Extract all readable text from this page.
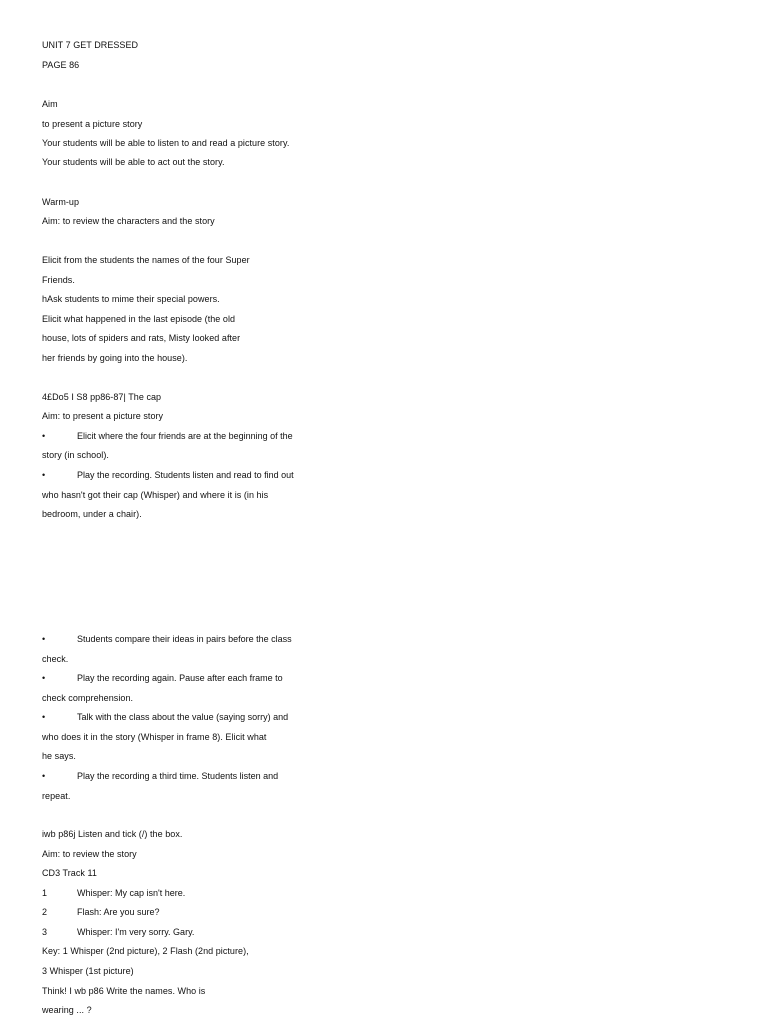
UNIT 7 GET DRESSED
PAGE 86
Aim
to present a picture story
Your students will be able to listen to and read a picture story.
Your students will be able to act out the story.
Warm-up
Aim: to review the characters and the story
Elicit from the students the names of the four Super
Friends.
hAsk students to mime their special powers.
Elicit what happened in the last episode (the old
house, lots of spiders and rats, Misty looked after
her friends by going into the house).
4£Do5 I S8 pp86-87| The cap
Aim: to present a picture story
•	Elicit where the four friends are at the beginning of the
story (in school).
•	Play the recording. Students listen and read to find out
who hasn't got their cap (Whisper) and where it is (in his
bedroom, under a chair).
•	Students compare their ideas in pairs before the class
check.
•	Play the recording again. Pause after each frame to
check comprehension.
•	Talk with the class about the value (saying sorry) and
who does it in the story (Whisper in frame 8). Elicit what
he says.
•	Play the recording a third time. Students listen and
repeat.
iwb p86j Listen and tick (/) the box.
Aim: to review the story
CD3 Track 11
1	Whisper: My cap isn't here.
2	Flash: Are you sure?
3	Whisper: I'm very sorry. Gary.
Key: 1 Whisper (2nd picture), 2 Flash (2nd picture),
3 Whisper (1st picture)
Think! I wb p86 Write the names. Who is
wearing ... ?
